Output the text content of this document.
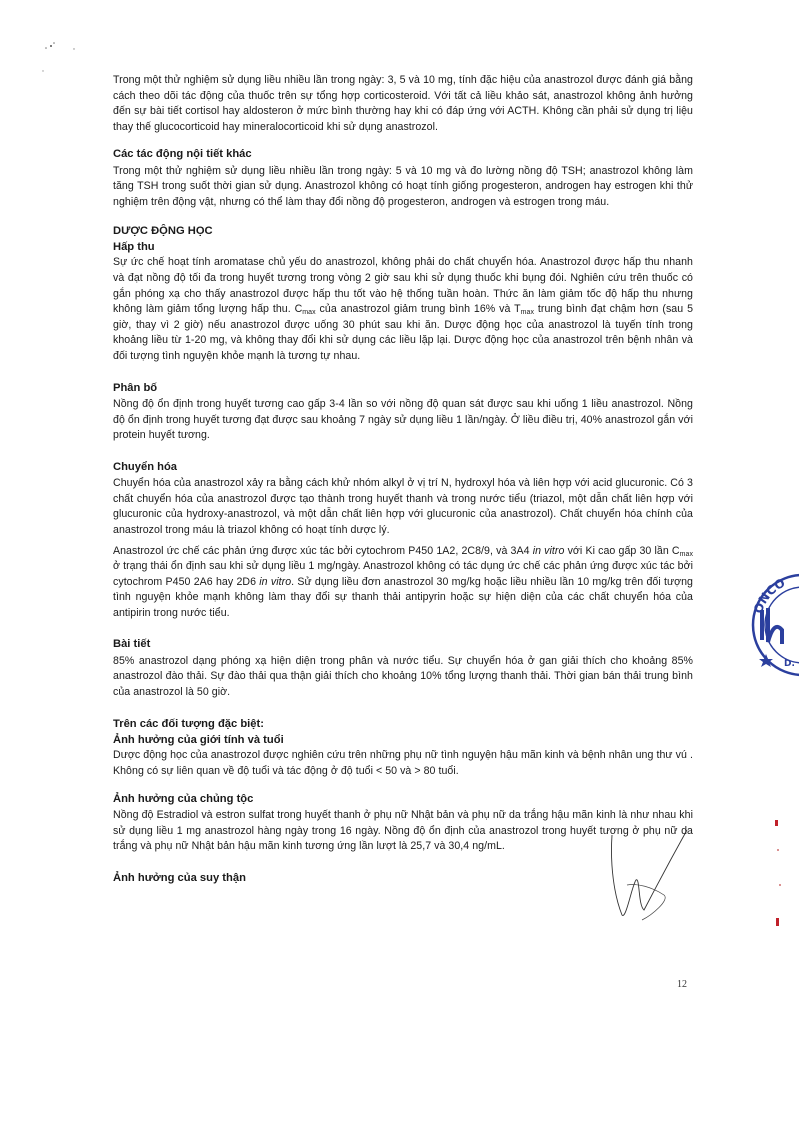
Trong một thử nghiệm sử dụng liều nhiều lần trong ngày: 3, 5 và 10 mg, tính đặc hiệu của anastrozol được đánh giá bằng cách theo dõi tác động của thuốc trên sự tổng hợp corticosteroid. Với tất cả liều khảo sát, anastrozol không ảnh hưởng đến sự bài tiết cortisol hay aldosteron ở mức bình thường hay khi có đáp ứng với ACTH. Không cần phải sử dụng trị liệu thay thế glucocorticoid hay mineralocorticoid khi sử dụng anastrozol.

Các tác động nội tiết khác

Trong một thử nghiệm sử dụng liều nhiều lần trong ngày: 5 và 10 mg và đo lường nồng độ TSH; anastrozol không làm tăng TSH trong suốt thời gian sử dụng. Anastrozol không có hoạt tính giống progesteron, androgen hay estrogen khi thử nghiệm trên động vật, nhưng có thể làm thay đổi nồng độ progesteron, androgen và estrogen trong máu.

DƯỢC ĐỘNG HỌC
Hấp thu

Sự ức chế hoạt tính aromatase chủ yếu do anastrozol, không phải do chất chuyển hóa. Anastrozol được hấp thu nhanh và đạt nồng độ tối đa trong huyết tương trong vòng 2 giờ sau khi sử dụng thuốc khi bụng đói. Nghiên cứu trên thuốc có gắn phóng xạ cho thấy anastrozol được hấp thu tốt vào hệ thống tuần hoàn. Thức ăn làm giảm tốc độ hấp thu nhưng không làm giảm tổng lượng hấp thu. $C_{max}$ của anastrozol giảm trung bình 16% và $T_{max}$ trung bình đạt chậm hơn (sau 5 giờ, thay vì 2 giờ) nếu anastrozol được uống 30 phút sau khi ăn. Dược động học của anastrozol là tuyến tính trong khoảng liều từ 1-20 mg, và không thay đổi khi sử dụng các liều lặp lại. Dược động học của anastrozol trên bệnh nhân và đối tượng tình nguyện khỏe mạnh là tương tự nhau.

Phân bố

Nồng độ ổn định trong huyết tương cao gấp 3-4 lần so với nồng độ quan sát được sau khi uống 1 liều anastrozol. Nồng độ ổn định trong huyết tương đạt được sau khoảng 7 ngày sử dụng liều 1 lần/ngày. Ở liều điều trị, 40% anastrozol gắn với protein huyết tương.

Chuyển hóa

Chuyển hóa của anastrozol xảy ra bằng cách khử nhóm alkyl ở vị trí N, hydroxyl hóa và liên hợp với acid glucuronic. Có 3 chất chuyển hóa của anastrozol được tạo thành trong huyết thanh và trong nước tiểu (triazol, một dẫn chất liên hợp với glucuronic của hydroxy-anastrozol, và một dẫn chất liên hợp với glucuronic của anastrozol). Chất chuyển hóa chính của anastrozol trong máu là triazol không có hoạt tính dược lý.

Anastrozol ức chế các phản ứng được xúc tác bởi cytochrom P450 1A2, 2C8/9, và 3A4 in vitro với Ki cao gấp 30 lần $C_{max}$ ở trạng thái ổn định sau khi sử dụng liều 1 mg/ngày. Anastrozol không có tác dụng ức chế các phản ứng được xúc tác bởi cytochrom P450 2A6 hay 2D6 in vitro. Sử dụng liều đơn anastrozol 30 mg/kg hoặc liều nhiều lần 10 mg/kg trên đối tượng tình nguyện khỏe mạnh không làm thay đổi sự thanh thải antipyrin hoặc sự hiện diện của các chất chuyển hóa của antipirin trong nước tiểu.

Bài tiết

85% anastrozol dạng phóng xạ hiện diện trong phân và nước tiểu. Sự chuyển hóa ở gan giải thích cho khoảng 85% anastrozol đào thải. Sự đào thải qua thận giải thích cho khoảng 10% tổng lượng thanh thải. Thời gian bán thải trung bình của anastrozol là 50 giờ.

Trên các đối tượng đặc biệt:
Ảnh hưởng của giới tính và tuổi

Dược động học của anastrozol được nghiên cứu trên những phụ nữ tình nguyện hậu mãn kinh và bệnh nhân ung thư vú . Không có sự liên quan về độ tuổi và tác động ở độ tuổi < 50 và > 80 tuổi.

Ảnh hưởng của chủng tộc

Nồng độ Estradiol và estron sulfat trong huyết thanh ở phụ nữ Nhật bản và phụ nữ da trắng hậu mãn kinh là như nhau khi sử dụng liều 1 mg anastrozol hàng ngày trong 16 ngày. Nồng độ ổn định của anastrozol trong huyết tương ở phụ nữ da trắng và phụ nữ Nhật bản hậu mãn kinh tương ứng lần lượt là 25,7 và 30,4 ng/mL.

Ảnh hưởng của suy thận
12
ONCO
D.
